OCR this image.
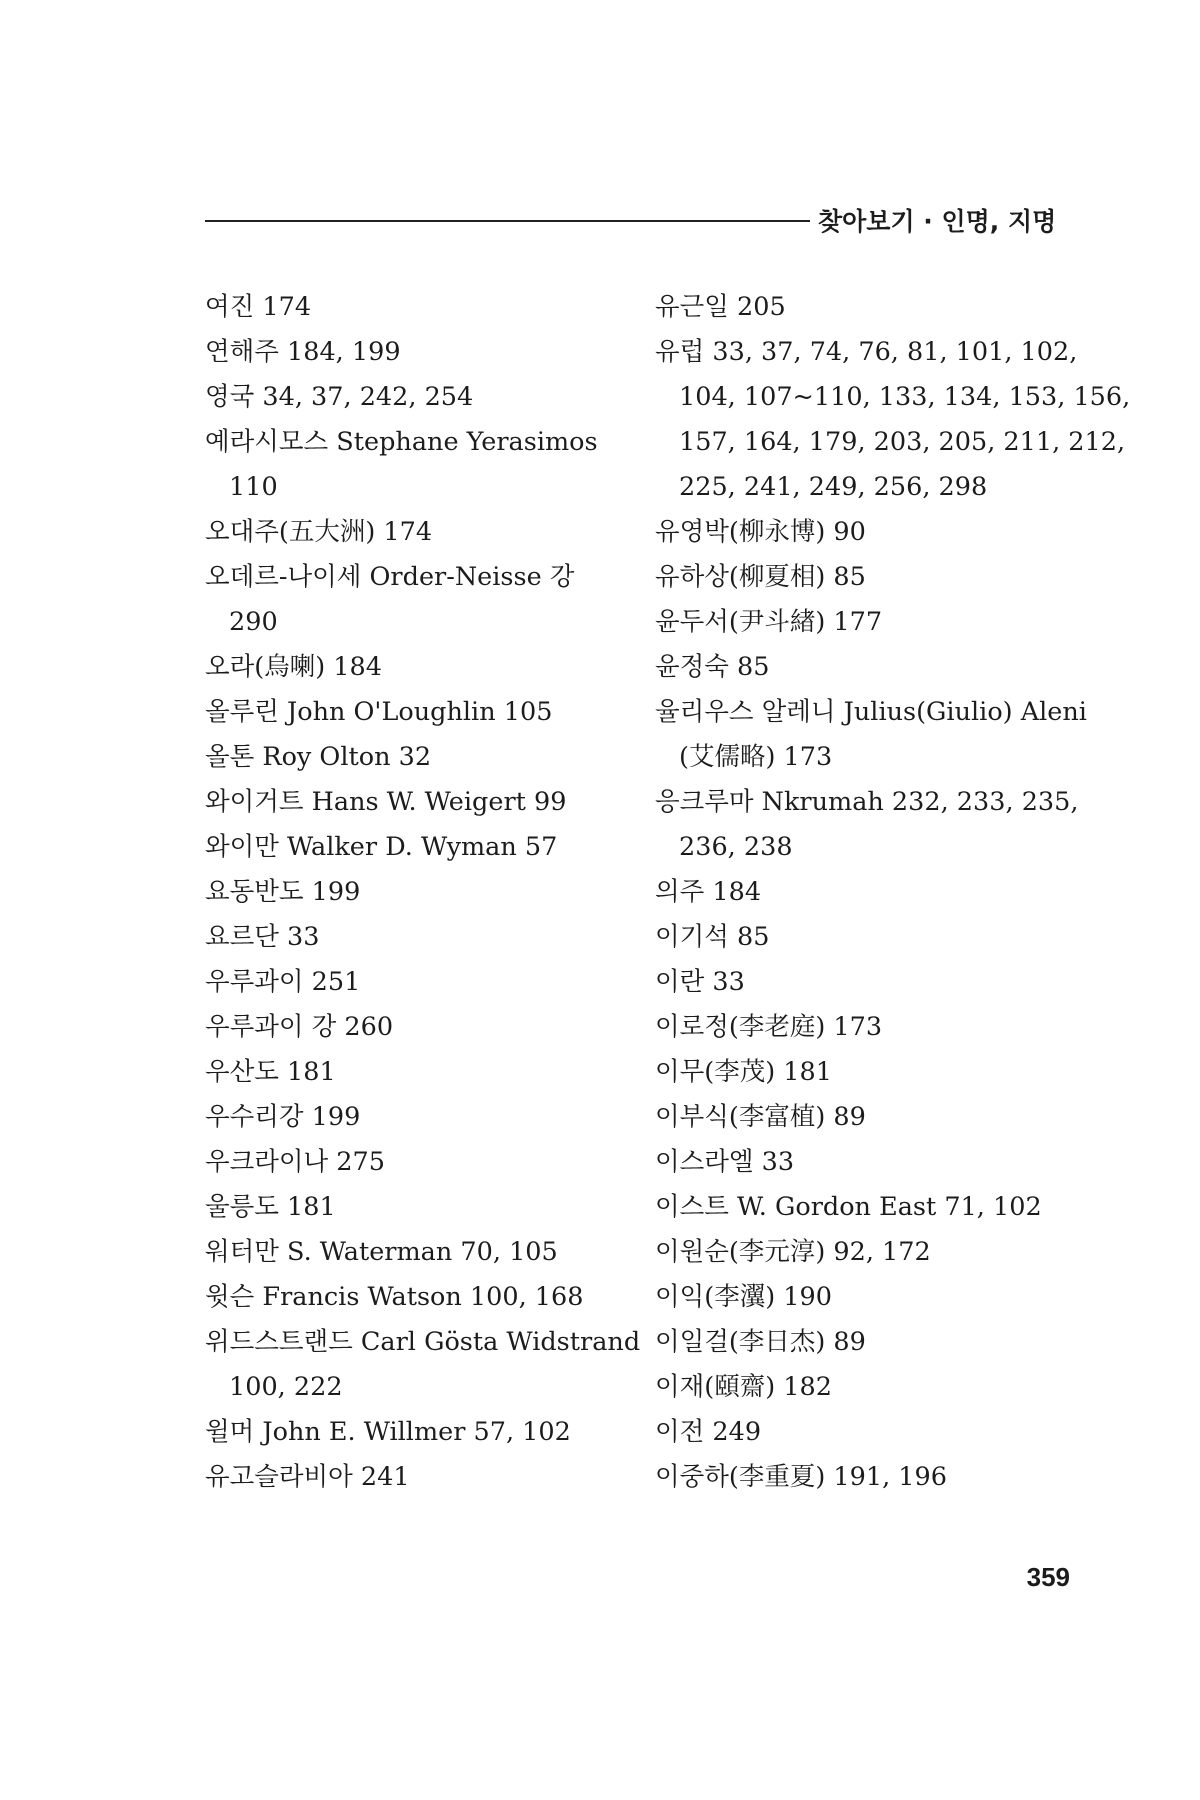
찾아보기 · 인명, 지명
여진 174
연해주 184, 199
영국 34, 37, 242, 254
예라시모스 Stephane Yerasimos
110
오대주(五大洲) 174
오데르-나이세 Order-Neisse 강
290
오라(烏喇) 184
올루린 John O'Loughlin 105
올톤 Roy Olton 32
와이거트 Hans W. Weigert 99
와이만 Walker D. Wyman 57
요동반도 199
요르단 33
우루과이 251
우루과이 강 260
우산도 181
우수리강 199
우크라이나 275
울릉도 181
워터만 S. Waterman 70, 105
윗슨 Francis Watson 100, 168
위드스트랜드 Carl Gösta Widstrand
100, 222
윌머 John E. Willmer 57, 102
유고슬라비아 241
유근일 205
유럽 33, 37, 74, 76, 81, 101, 102,
104, 107~110, 133, 134, 153, 156,
157, 164, 179, 203, 205, 211, 212,
225, 241, 249, 256, 298
유영박(柳永博) 90
유하상(柳夏相) 85
윤두서(尹斗緖) 177
윤정숙 85
율리우스 알레니 Julius(Giulio) Aleni
(艾儒略) 173
응크루마 Nkrumah 232, 233, 235,
236, 238
의주 184
이기석 85
이란 33
이로정(李老庭) 173
이무(李茂) 181
이부식(李富植) 89
이스라엘 33
이스트 W. Gordon East 71, 102
이원순(李元淳) 92, 172
이익(李瀷) 190
이일걸(李日杰) 89
이재(頤齋) 182
이전 249
이중하(李重夏) 191, 196
359
